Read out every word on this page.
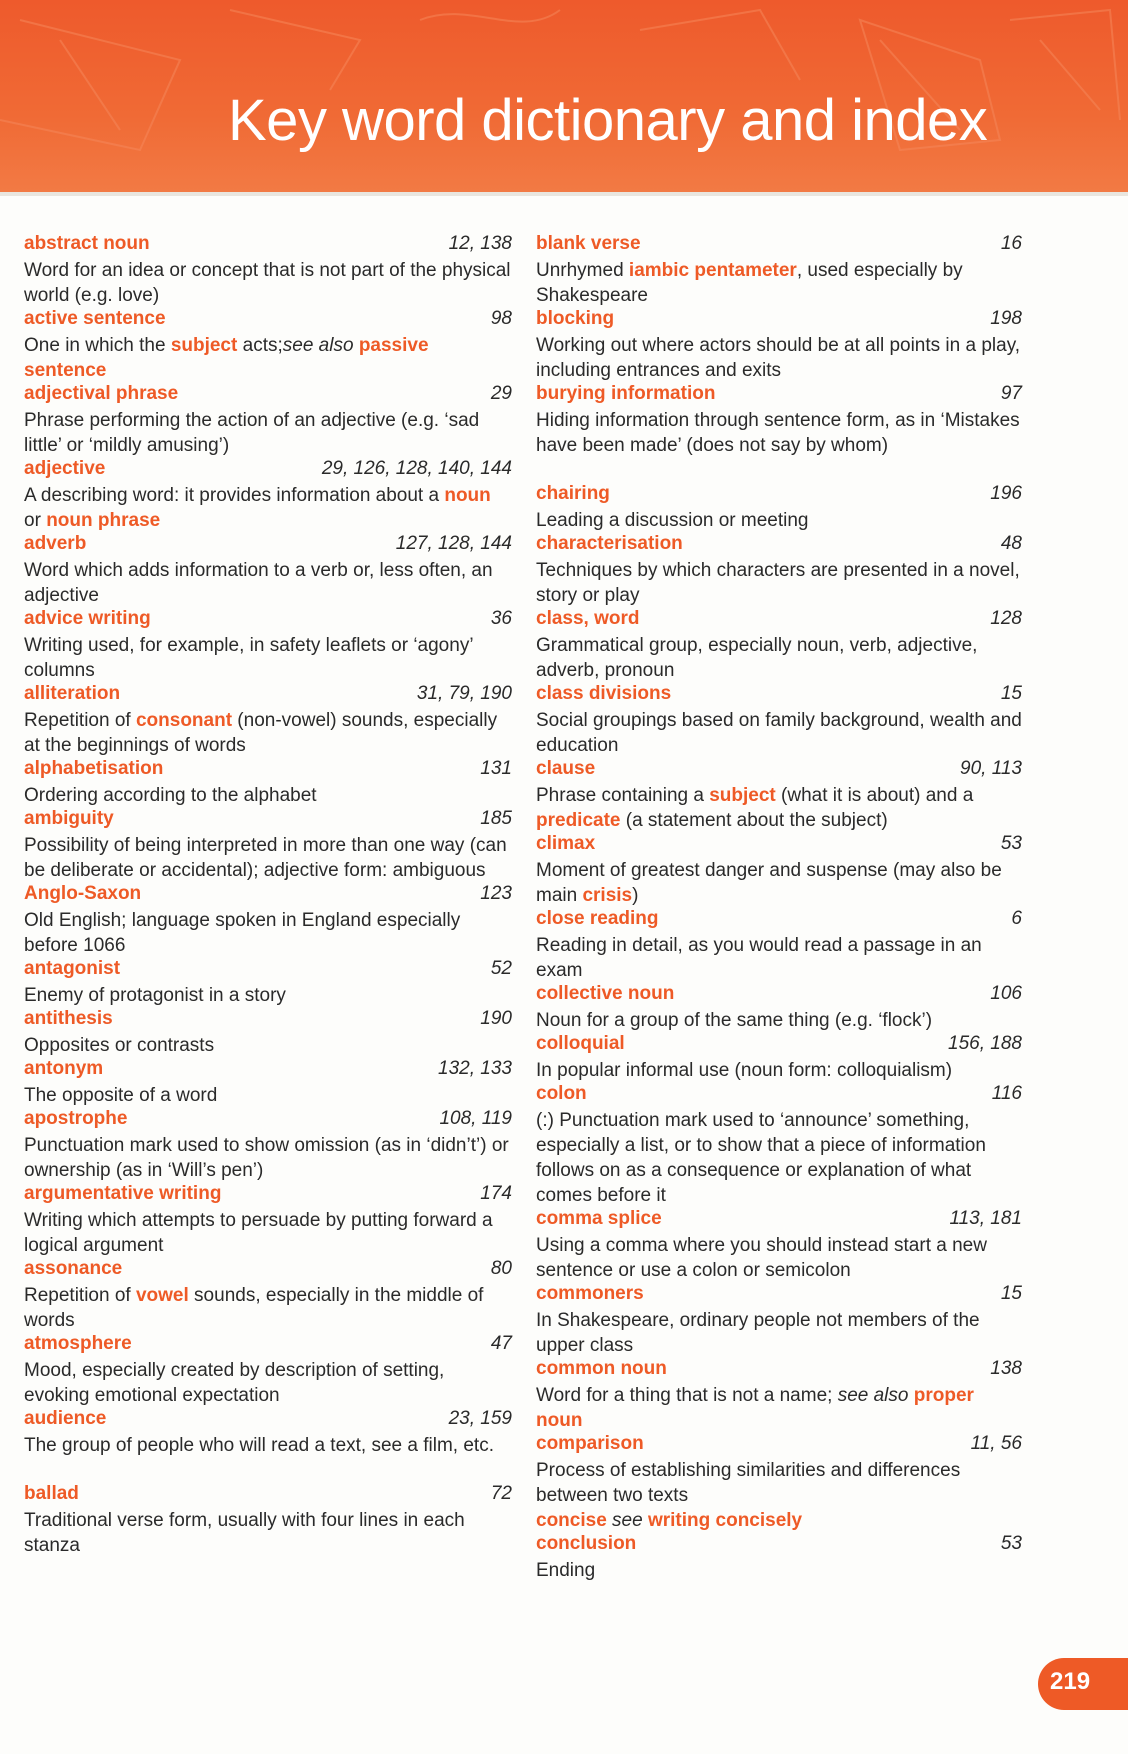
Key word dictionary and index
abstract noun	12, 138

Word for an idea or concept that is not part of the physical world (e.g. love)

active sentence	98

One in which the subject acts;see also passive sentence

adjectival phrase	29

Phrase performing the action of an adjective (e.g. ‘sad little’ or ‘mildly amusing’)

adjective	29, 126, 128, 140, 144

A describing word: it provides information about a noun or noun phrase

adverb	127, 128, 144

Word which adds information to a verb or, less often, an adjective

advice writing	36

Writing used, for example, in safety leaflets or ‘agony’ columns

alliteration	31, 79, 190

Repetition of consonant (non-vowel) sounds, especially at the beginnings of words

alphabetisation	131

Ordering according to the alphabet

ambiguity	185

Possibility of being interpreted in more than one way (can be deliberate or accidental); adjective form: ambiguous

Anglo-Saxon	123

Old English; language spoken in England especially before 1066

antagonist	52

Enemy of protagonist in a story

antithesis	190

Opposites or contrasts

antonym	132, 133

The opposite of a word

apostrophe	108, 119

Punctuation mark used to show omission (as in ‘didn’t’) or ownership (as in ‘Will’s pen’)

argumentative writing	174

Writing which attempts to persuade by putting forward a logical argument

assonance	80

Repetition of vowel sounds, especially in the middle of words

atmosphere	47

Mood, especially created by description of setting, evoking emotional expectation

audience	23, 159

The group of people who will read a text, see a film, etc.

ballad	72

Traditional verse form, usually with four lines in each stanza

blank verse	16

Unrhymed iambic pentameter, used especially by Shakespeare

blocking	198

Working out where actors should be at all points in a play, including entrances and exits

burying information	97

Hiding information through sentence form, as in ‘Mistakes have been made’ (does not say by whom)

chairing	196

Leading a discussion or meeting

characterisation	48

Techniques by which characters are presented in a novel, story or play

class, word	128

Grammatical group, especially noun, verb, adjective, adverb, pronoun

class divisions	15

Social groupings based on family background, wealth and education

clause	90, 113

Phrase containing a subject (what it is about) and a predicate (a statement about the subject)

climax	53

Moment of greatest danger and suspense (may also be main crisis)

close reading	6

Reading in detail, as you would read a passage in an exam

collective noun	106

Noun for a group of the same thing (e.g. ‘flock’)

colloquial	156, 188

In popular informal use (noun form: colloquialism)

colon	116

(:) Punctuation mark used to ‘announce’ something, especially a list, or to show that a piece of information follows on as a consequence or explanation of what comes before it

comma splice	113, 181

Using a comma where you should instead start a new sentence or use a colon or semicolon

commoners	15

In Shakespeare, ordinary people not members of the upper class

common noun	138

Word for a thing that is not a name; see also proper noun

comparison	11, 56

Process of establishing similarities and differences between two texts

concise see writing concisely
conclusion	53

Ending

219
